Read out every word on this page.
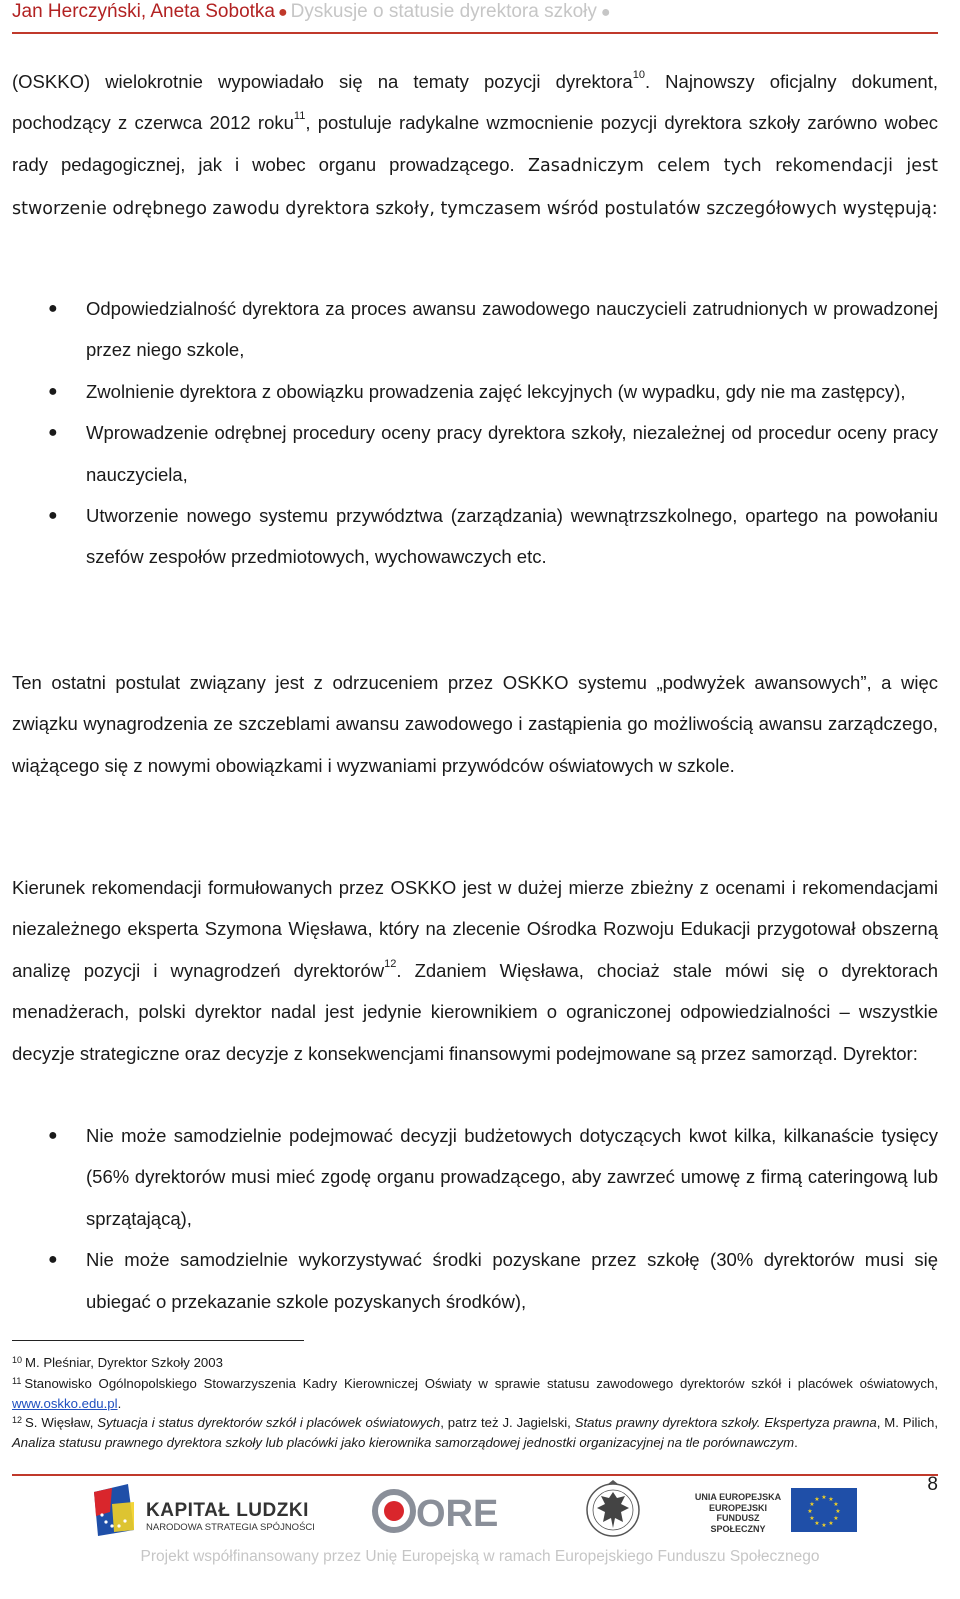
Jan Herczyński, Aneta Sobotka ● Dyskusje o statusie dyrektora szkoły ●
(OSKKO) wielokrotnie wypowiadało się na tematy pozycji dyrektora$^{10}$. Najnowszy oficjalny dokument, pochodzący z czerwca 2012 roku$^{11}$, postuluje radykalne wzmocnienie pozycji dyrektora szkoły zarówno wobec rady pedagogicznej, jak i wobec organu prowadzącego. Zasadniczym celem tych rekomendacji jest stworzenie odrębnego zawodu dyrektora szkoły, tymczasem wśród postulatów szczegółowych występują:
● Odpowiedzialność dyrektora za proces awansu zawodowego nauczycieli zatrudnionych w prowadzonej przez niego szkole,
● Zwolnienie dyrektora z obowiązku prowadzenia zajęć lekcyjnych (w wypadku, gdy nie ma zastępcy),
● Wprowadzenie odrębnej procedury oceny pracy dyrektora szkoły, niezależnej od procedur oceny pracy nauczyciela,
● Utworzenie nowego systemu przywództwa (zarządzania) wewnątrzszkolnego, opartego na powołaniu szefów zespołów przedmiotowych, wychowawczych etc.
Ten ostatni postulat związany jest z odrzuceniem przez OSKKO systemu „podwyżek awansowych”, a więc związku wynagrodzenia ze szczeblami awansu zawodowego i zastąpienia go możliwością awansu zarządczego, wiążącego się z nowymi obowiązkami i wyzwaniami przywódców oświatowych w szkole.
Kierunek rekomendacji formułowanych przez OSKKO jest w dużej mierze zbieżny z ocenami i rekomendacjami niezależnego eksperta Szymona Więsława, który na zlecenie Ośrodka Rozwoju Edukacji przygotował obszerną analizę pozycji i wynagrodzeń dyrektorów$^{12}$. Zdaniem Więsława, chociaż stale mówi się o dyrektorach menadżerach, polski dyrektor nadal jest jedynie kierownikiem o ograniczonej odpowiedzialności – wszystkie decyzje strategiczne oraz decyzje z konsekwencjami finansowymi podejmowane są przez samorząd. Dyrektor:
● Nie może samodzielnie podejmować decyzji budżetowych dotyczących kwot kilka, kilkanaście tysięcy (56% dyrektorów musi mieć zgodę organu prowadzącego, aby zawrzeć umowę z firmą cateringową lub sprzątającą),
● Nie może samodzielnie wykorzystywać środki pozyskane przez szkołę (30% dyrektorów musi się ubiegać o przekazanie szkole pozyskanych środków),
$^{10}$ M. Pleśniar, Dyrektor Szkoły 2003
$^{11}$ Stanowisko Ogólnopolskiego Stowarzyszenia Kadry Kierowniczej Oświaty w sprawie statusu zawodowego dyrektorów szkół i placówek oświatowych, www.oskko.edu.pl.
$^{12}$ S. Więsław, Sytuacja i status dyrektorów szkół i placówek oświatowych, patrz też J. Jagielski, Status prawny dyrektora szkoły. Ekspertyza prawna, M. Pilich, Analiza statusu prawnego dyrektora szkoły lub placówki jako kierownika samorządowej jednostki organizacyjnej na tle porównawczym.
8
KAPITAŁ LUDZKI
NARODOWA STRATEGIA SPÓJNOŚCI	ORE	UNIA EUROPEJSKA
EUROPEJSKI
FUNDUSZ SPOŁECZNY
★ ★
★
★
★
★
★
★
★
★
★
★
Projekt współfinansowany przez Unię Europejską w ramach Europejskiego Funduszu Społecznego
